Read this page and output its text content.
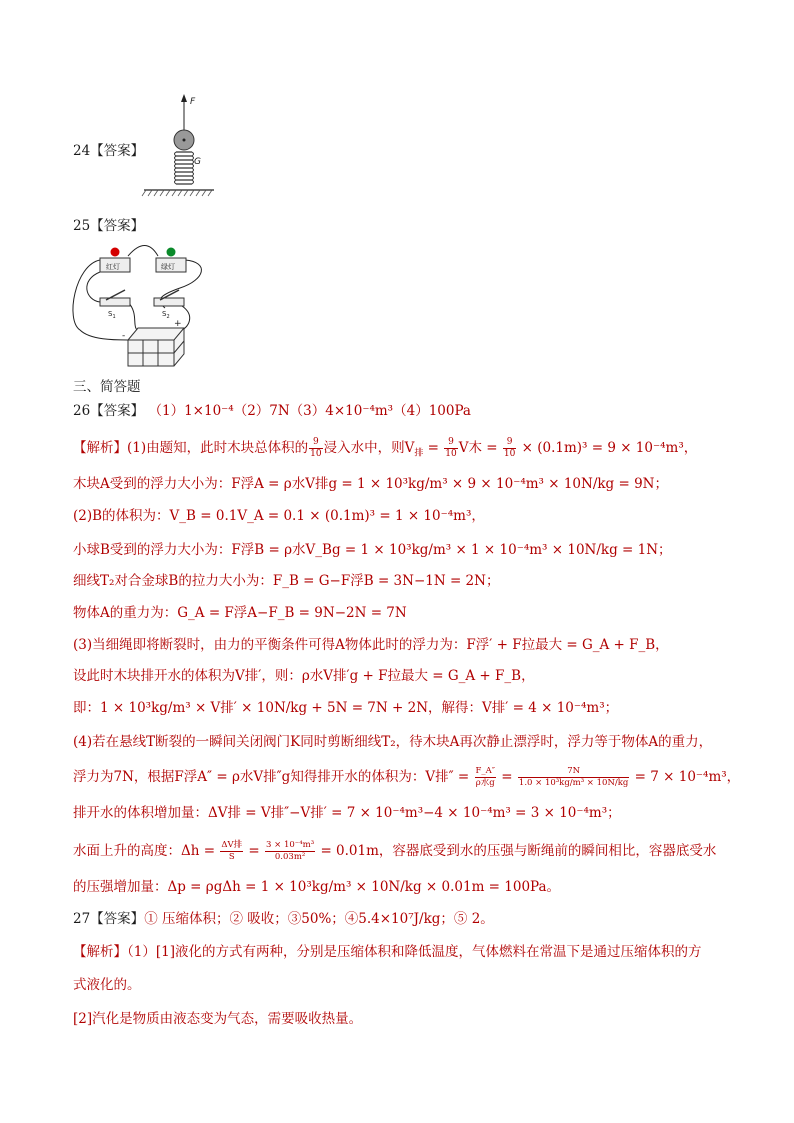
24【答案】
F
G
25【答案】
红灯	绿灯
$S_1$	$S_2$
-
+
三、简答题
26【答案】 （1）1×10⁻⁴（2）7N（3）4×10⁻⁴m³（4）100Pa
【解析】(1)由题知，此时木块总体积的 $\frac{9}{10}$ 浸入水中，则$V_排 = \frac{9}{10}$ V木 = $\frac{9}{10} \times (0.1m)^3 = 9 \times 10^{-4}m^3$，
木块A受到的浮力大小为：F浮A = ρ水V排g = 1 × 10³kg/m³ × 9 × 10⁻⁴m³ × 10N/kg = 9N；
(2)B的体积为：V_B = 0.1V_A = 0.1 × (0.1m)³ = 1 × 10⁻⁴m³，
小球B受到的浮力大小为：F浮B = ρ水V_Bg = 1 × 10³kg/m³ × 1 × 10⁻⁴m³ × 10N/kg = 1N；
细线T₂对合金球B的拉力大小为：F_B = G−F浮B = 3N−1N = 2N；
物体A的重力为：G_A = F浮A−F_B = 9N−2N = 7N
(3)当细绳即将断裂时，由力的平衡条件可得A物体此时的浮力为：F浮′ + F拉最大 = G_A + F_B，
设此时木块排开水的体积为V排′，则：ρ水V排′g + F拉最大 = G_A + F_B，
即：1 × 10³kg/m³ × V排′ × 10N/kg + 5N = 7N + 2N，解得：V排′ = 4 × 10⁻⁴m³；
(4)若在悬线T断裂的一瞬间关闭阀门K同时剪断细线T₂，待木块A再次静止漂浮时，浮力等于物体A的重力，
浮力为7N，根据F浮A″ = ρ水V排″g知得排开水的体积为：V排″ = $\frac{F\_A''}{\text{ρ水g}} = \frac{7N}{\text{1.0 × 10³kg/m³ × 10N/kg}} = 7 \times 10^{-4}m^3$，
排开水的体积增加量：ΔV排 = V排″−V排′ = 7 × 10⁻⁴m³−4 × 10⁻⁴m³ = 3 × 10⁻⁴m³；
水面上升的高度：$\Delta h = \frac{\text{ΔV排}}{S} = \frac{\text{3 × 10⁻⁴m³}}{\text{0.03m²}} = 0.01m$，容器底受到水的压强与断绳前的瞬间相比，容器底受水
的压强增加量：Δp = ρgΔh = 1 × 10³kg/m³ × 10N/kg × 0.01m = 100Pa。
27【答案】① 压缩体积；② 吸收；③50%；④5.4×10⁷J/kg；⑤ 2。
【解析】（1）[1]液化的方式有两种，分别是压缩体积和降低温度，气体燃料在常温下是通过压缩体积的方
式液化的。
[2]汽化是物质由液态变为气态，需要吸收热量。
